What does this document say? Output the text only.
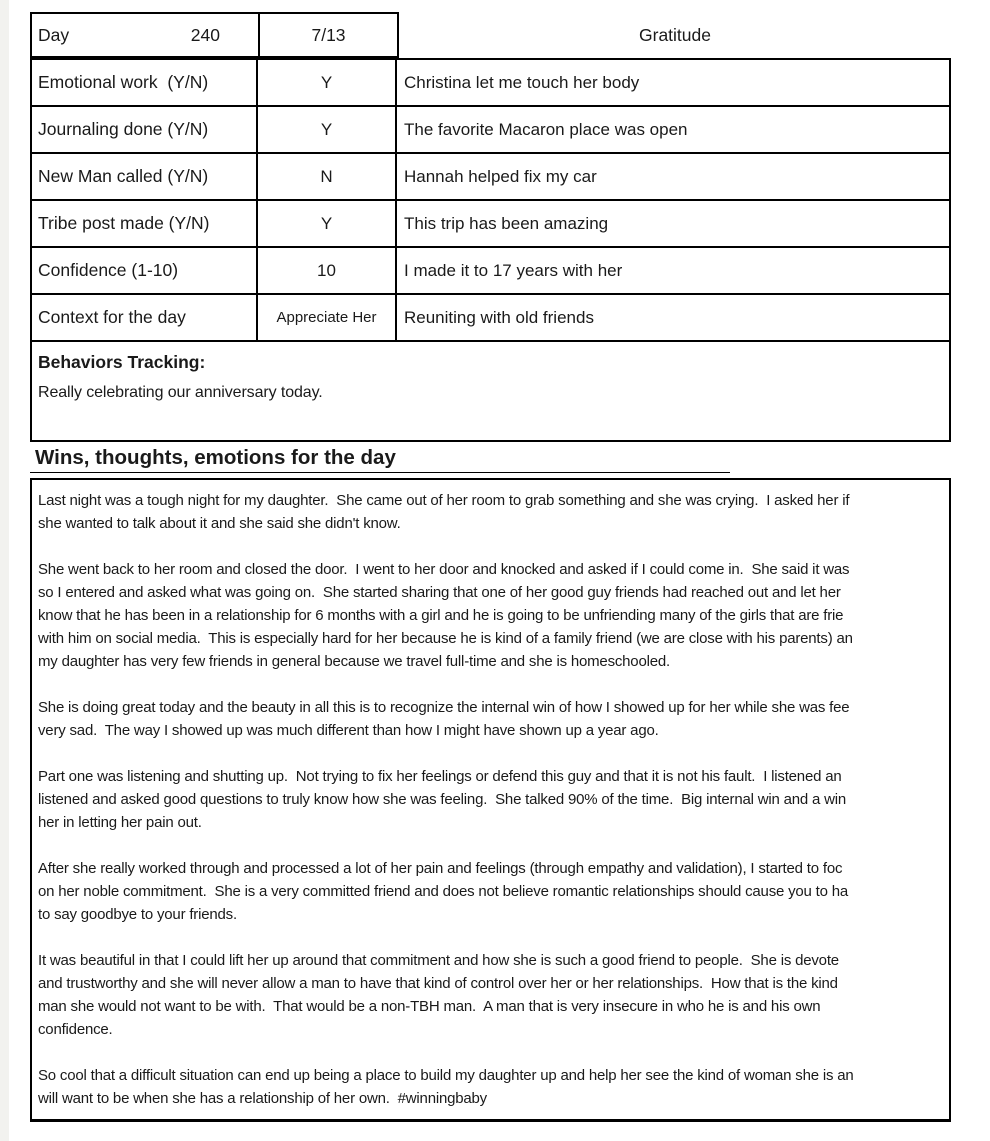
Day	240	7/13	Gratitude
Emotional work  (Y/N)	Y	Christina let me touch her body
Journaling done (Y/N)	Y	The favorite Macaron place was open
New Man called (Y/N)	N	Hannah helped fix my car
Tribe post made (Y/N)	Y	This trip has been amazing
Confidence (1-10)	10	I made it to 17 years with her
Context for the day	Appreciate Her	Reuniting with old friends
Behaviors Tracking:
Really celebrating our anniversary today.
Wins, thoughts, emotions for the day
Last night was a tough night for my daughter.  She came out of her room to grab something and she was crying.  I asked her if
she wanted to talk about it and she said she didn't know.
She went back to her room and closed the door.  I went to her door and knocked and asked if I could come in.  She said it was
so I entered and asked what was going on.  She started sharing that one of her good guy friends had reached out and let her
know that he has been in a relationship for 6 months with a girl and he is going to be unfriending many of the girls that are frie
with him on social media.  This is especially hard for her because he is kind of a family friend (we are close with his parents) an
my daughter has very few friends in general because we travel full-time and she is homeschooled.
She is doing great today and the beauty in all this is to recognize the internal win of how I showed up for her while she was fee
very sad.  The way I showed up was much different than how I might have shown up a year ago.
Part one was listening and shutting up.  Not trying to fix her feelings or defend this guy and that it is not his fault.  I listened an
listened and asked good questions to truly know how she was feeling.  She talked 90% of the time.  Big internal win and a win
her in letting her pain out.
After she really worked through and processed a lot of her pain and feelings (through empathy and validation), I started to foc
on her noble commitment.  She is a very committed friend and does not believe romantic relationships should cause you to ha
to say goodbye to your friends.
It was beautiful in that I could lift her up around that commitment and how she is such a good friend to people.  She is devote
and trustworthy and she will never allow a man to have that kind of control over her or her relationships.  How that is the kind
man she would not want to be with.  That would be a non-TBH man.  A man that is very insecure in who he is and his own
confidence.
So cool that a difficult situation can end up being a place to build my daughter up and help her see the kind of woman she is an
will want to be when she has a relationship of her own.  #winningbaby
